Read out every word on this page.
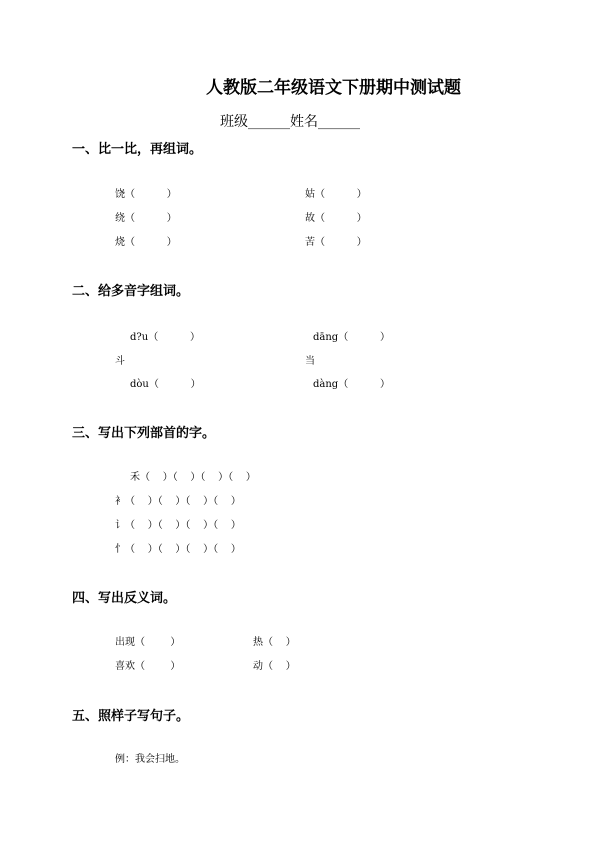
人教版二年级语文下册期中测试题
班级______姓名______
一、比一比，再组词。
饶（          ）	姑（          ）
绕（          ）	故（          ）
烧（          ）	苦（          ）
二、给多音字组词。
d?u（          ）	dāng（          ）
斗	当
dòu（          ）	dàng（          ）
三、写出下列部首的字。
禾（    ）（    ）（    ）（    ）
衤（    ）（    ）（    ）（    ）
讠（    ）（    ）（    ）（    ）
忄（    ）（    ）（    ）（    ）
四、写出反义词。
出现（        ）	热（    ）
喜欢（        ）	动（    ）
五、照样子写句子。
例：我会扫地。
